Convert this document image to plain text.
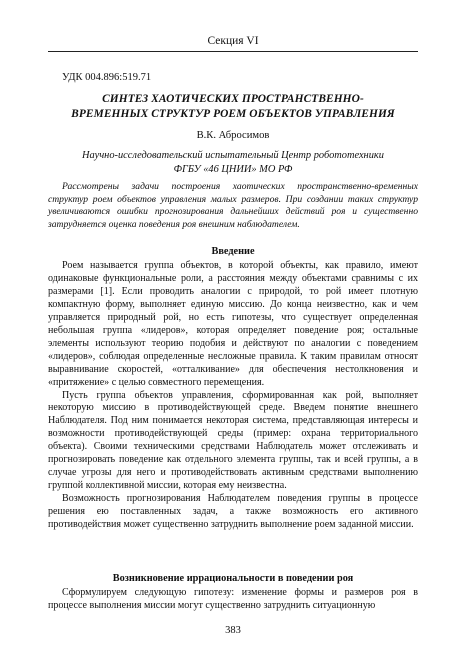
Секция VI
УДК 004.896:519.71
СИНТЕЗ ХАОТИЧЕСКИХ ПРОСТРАНСТВЕННО-
ВРЕМЕННЫХ СТРУКТУР РОЕМ ОБЪЕКТОВ УПРАВЛЕНИЯ
В.К. Абросимов
Научно-исследовательский испытательный Центр робототехники
ФГБУ «46 ЦНИИ» МО РФ
Рассмотрены задачи построения хаотических пространственно-временных структур роем объектов управления малых размеров. При создании таких структур увеличиваются ошибки прогнозирования дальнейших действий роя и существенно затрудняется оценка поведения роя внешним наблюдателем.
Введение

Роем называется группа объектов, в которой объекты, как правило, имеют одинаковые функциональные роли, а расстояния между объектами сравнимы с их размерами [1]. Если проводить аналогии с природой, то рой имеет плотную компактную форму, выполняет единую миссию. До конца неизвестно, как и чем управляется природный рой, но есть гипотезы, что существует определенная небольшая группа «лидеров», которая определяет поведение роя; остальные элементы используют теорию подобия и действуют по аналогии с поведением «лидеров», соблюдая определенные несложные правила. К таким правилам относят выравнивание скоростей, «отталкивание» для обеспечения нестолкновения и «притяжение» с целью совместного перемещения.

Пусть группа объектов управления, сформированная как рой, выполняет некоторую миссию в противодействующей среде. Введем понятие внешнего Наблюдателя. Под ним понимается некоторая система, представляющая интересы и возможности противодействующей среды (пример: охрана территориального объекта). Своими техническими средствами Наблюдатель может отслеживать и прогнозировать поведение как отдельного элемента группы, так и всей группы, а в случае угрозы для него и противодействовать активным средствами выполнению группой коллективной миссии, которая ему неизвестна.

Возможность прогнозирования Наблюдателем поведения группы в процессе решения ею поставленных задач, а также возможность его активного противодействия может существенно затруднить выполнение роем заданной миссии.

Возникновение иррациональности в поведении роя

Сформулируем следующую гипотезу: изменение формы и размеров роя в процессе выполнения миссии могут существенно затруднить ситуационную

383
